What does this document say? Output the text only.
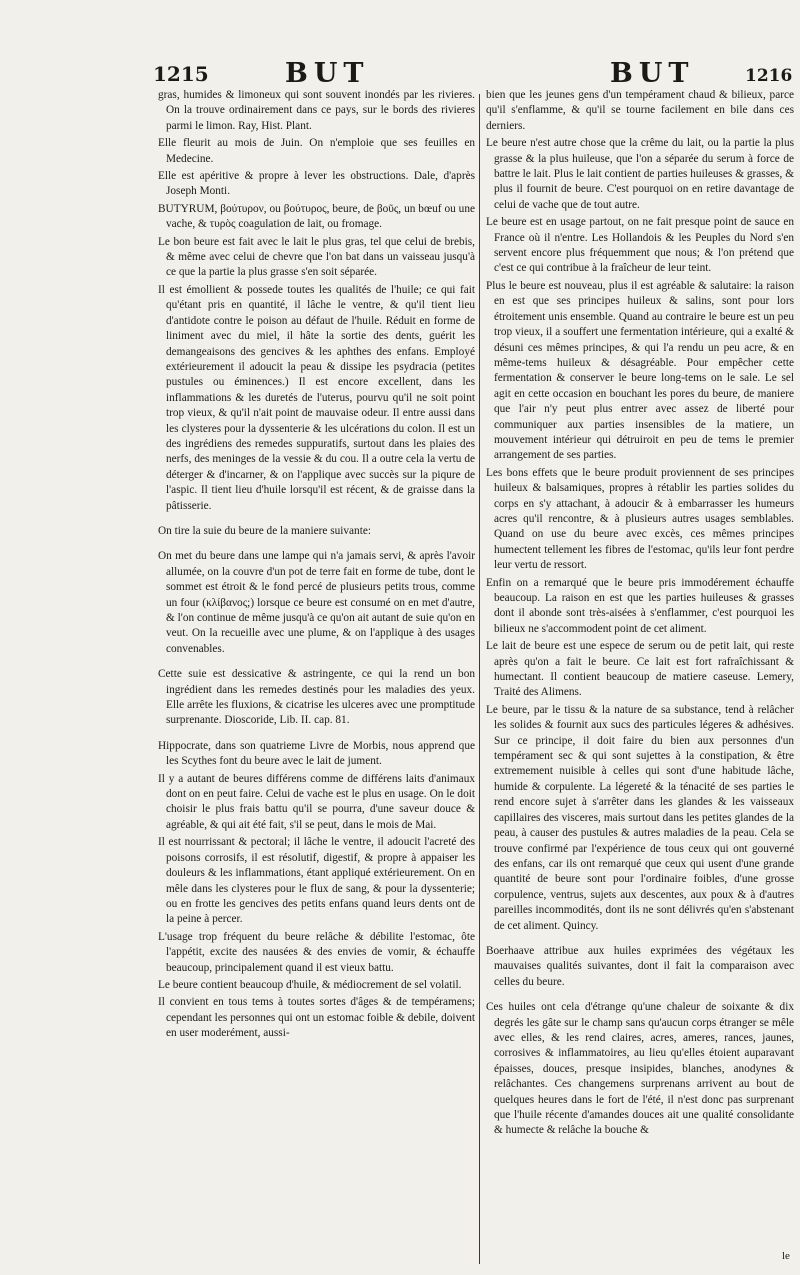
1215	BUT	BUT	1216

gras, humides & limoneux qui sont souvent inondés par les rivieres. On la trouve ordinairement dans ce pays, sur le bords des rivieres parmi le limon. Ray, Hist. Plant.

Elle fleurit au mois de Juin. On n'emploie que ses feuilles en Medecine.

Elle est apéritive & propre à lever les obstructions. Dale, d'après Joseph Monti.

BUTYRUM, βούτυρον, ou βούτυρος, beure, de βοῦς, un bœuf ou une vache, & τυρὸς coagulation de lait, ou fromage.

Le bon beure est fait avec le lait le plus gras, tel que celui de brebis, & même avec celui de chevre que l'on bat dans un vaisseau jusqu'à ce que la partie la plus grasse s'en soit séparée.

Il est émollient & possede toutes les qualités de l'huile; ce qui fait qu'étant pris en quantité, il lâche le ventre, & qu'il tient lieu d'antidote contre le poison au défaut de l'huile. Réduit en forme de liniment avec du miel, il hâte la sortie des dents, guérit les demangeaisons des gencives & les aphthes des enfans. Employé extérieurement il adoucit la peau & dissipe les psydracia (petites pustules ou éminences.) Il est encore excellent, dans les inflammations & les duretés de l'uterus, pourvu qu'il ne soit point trop vieux, & qu'il n'ait point de mauvaise odeur. Il entre aussi dans les clysteres pour la dyssenterie & les ulcérations du colon. Il est un des ingrédiens des remedes suppuratifs, surtout dans les plaies des nerfs, des meninges de la vessie & du cou. Il a outre cela la vertu de déterger & d'incarner, & on l'applique avec succès sur la piqure de l'aspic. Il tient lieu d'huile lorsqu'il est récent, & de graisse dans la pâtisserie.

On tire la suie du beure de la maniere suivante:

On met du beure dans une lampe qui n'a jamais servi, & après l'avoir allumée, on la couvre d'un pot de terre fait en forme de tube, dont le sommet est étroit & le fond percé de plusieurs petits trous, comme un four (κλίβανος;) lorsque ce beure est consumé on en met d'autre, & l'on continue de même jusqu'à ce qu'on ait autant de suie qu'on en veut. On la recueille avec une plume, & on l'applique à des usages convenables.

Cette suie est dessicative & astringente, ce qui la rend un bon ingrédient dans les remedes destinés pour les maladies des yeux. Elle arrête les fluxions, & cicatrise les ulceres avec une promptitude surprenante. Dioscoride, Lib. II. cap. 81.

Hippocrate, dans son quatrieme Livre de Morbis, nous apprend que les Scythes font du beure avec le lait de jument.

Il y a autant de beures différens comme de différens laits d'animaux dont on en peut faire. Celui de vache est le plus en usage. On le doit choisir le plus frais battu qu'il se pourra, d'une saveur douce & agréable, & qui ait été fait, s'il se peut, dans le mois de Mai.

Il est nourrissant & pectoral; il lâche le ventre, il adoucit l'acreté des poisons corrosifs, il est résolutif, digestif, & propre à appaiser les douleurs & les inflammations, étant appliqué extérieurement. On en mêle dans les clysteres pour le flux de sang, & pour la dyssenterie; ou en frotte les gencives des petits enfans quand leurs dents ont de la peine à percer.

L'usage trop fréquent du beure relâche & débilite l'estomac, ôte l'appétit, excite des nausées & des envies de vomir, & échauffe beaucoup, principalement quand il est vieux battu.

Le beure contient beaucoup d'huile, & médiocrement de sel volatil.

Il convient en tous tems à toutes sortes d'âges & de tempéramens; cependant les personnes qui ont un estomac foible & debile, doivent en user moderément, aussi-

bien que les jeunes gens d'un tempérament chaud & bilieux, parce qu'il s'enflamme, & qu'il se tourne facilement en bile dans ces derniers.

Le beure n'est autre chose que la crême du lait, ou la partie la plus grasse & la plus huileuse, que l'on a séparée du serum à force de battre le lait. Plus le lait contient de parties huileuses & grasses, & plus il fournit de beure. C'est pourquoi on en retire davantage de celui de vache que de tout autre.

Le beure est en usage partout, on ne fait presque point de sauce en France où il n'entre. Les Hollandois & les Peuples du Nord s'en servent encore plus fréquemment que nous; & l'on prétend que c'est ce qui contribue à la fraîcheur de leur teint.

Plus le beure est nouveau, plus il est agréable & salutaire: la raison en est que ses principes huileux & salins, sont pour lors étroitement unis ensemble. Quand au contraire le beure est un peu trop vieux, il a souffert une fermentation intérieure, qui a exalté & désuni ces mêmes principes, & qui l'a rendu un peu acre, & en même-tems huileux & désagréable. Pour empêcher cette fermentation & conserver le beure long-tems on le sale. Le sel agit en cette occasion en bouchant les pores du beure, de maniere que l'air n'y peut plus entrer avec assez de liberté pour communiquer aux parties insensibles de la matiere, un mouvement intérieur qui détruiroit en peu de tems le premier arrangement de ses parties.

Les bons effets que le beure produit proviennent de ses principes huileux & balsamiques, propres à rétablir les parties solides du corps en s'y attachant, à adoucir & à embarrasser les humeurs acres qu'il rencontre, & à plusieurs autres usages semblables. Quand on use du beure avec excès, ces mêmes principes humectent tellement les fibres de l'estomac, qu'ils leur font perdre leur vertu de ressort.

Enfin on a remarqué que le beure pris immodérement échauffe beaucoup. La raison en est que les parties huileuses & grasses dont il abonde sont très-aisées à s'enflammer, c'est pourquoi les bilieux ne s'accommodent point de cet aliment.

Le lait de beure est une espece de serum ou de petit lait, qui reste après qu'on a fait le beure. Ce lait est fort rafraîchissant & humectant. Il contient beaucoup de matiere caseuse. Lemery, Traité des Alimens.

Le beure, par le tissu & la nature de sa substance, tend à relâcher les solides & fournit aux sucs des particules légeres & adhésives. Sur ce principe, il doit faire du bien aux personnes d'un tempérament sec & qui sont sujettes à la constipation, & être extremement nuisible à celles qui sont d'une habitude lâche, humide & corpulente. La légereté & la ténacité de ses parties le rend encore sujet à s'arrêter dans les glandes & les vaisseaux capillaires des visceres, mais surtout dans les petites glandes de la peau, à causer des pustules & autres maladies de la peau. Cela se trouve confirmé par l'expérience de tous ceux qui ont gouverné des enfans, car ils ont remarqué que ceux qui usent d'une grande quantité de beure sont pour l'ordinaire foibles, d'une grosse corpulence, ventrus, sujets aux descentes, aux poux & à d'autres pareilles incommodités, dont ils ne sont délivrés qu'en s'abstenant de cet aliment. Quincy.

Boerhaave attribue aux huiles exprimées des végétaux les mauvaises qualités suivantes, dont il fait la comparaison avec celles du beure.

Ces huiles ont cela d'étrange qu'une chaleur de soixante & dix degrés les gâte sur le champ sans qu'aucun corps étranger se mêle avec elles, & les rend claires, acres, ameres, rances, jaunes, corrosives & inflammatoires, au lieu qu'elles étoient auparavant épaisses, douces, presque insipides, blanches, anodynes & relâchantes. Ces changemens surprenans arrivent au bout de quelques heures dans le fort de l'été, il n'est donc pas surprenant que l'huile récente d'amandes douces ait une qualité consolidante & humecte & relâche la bouche &

le
